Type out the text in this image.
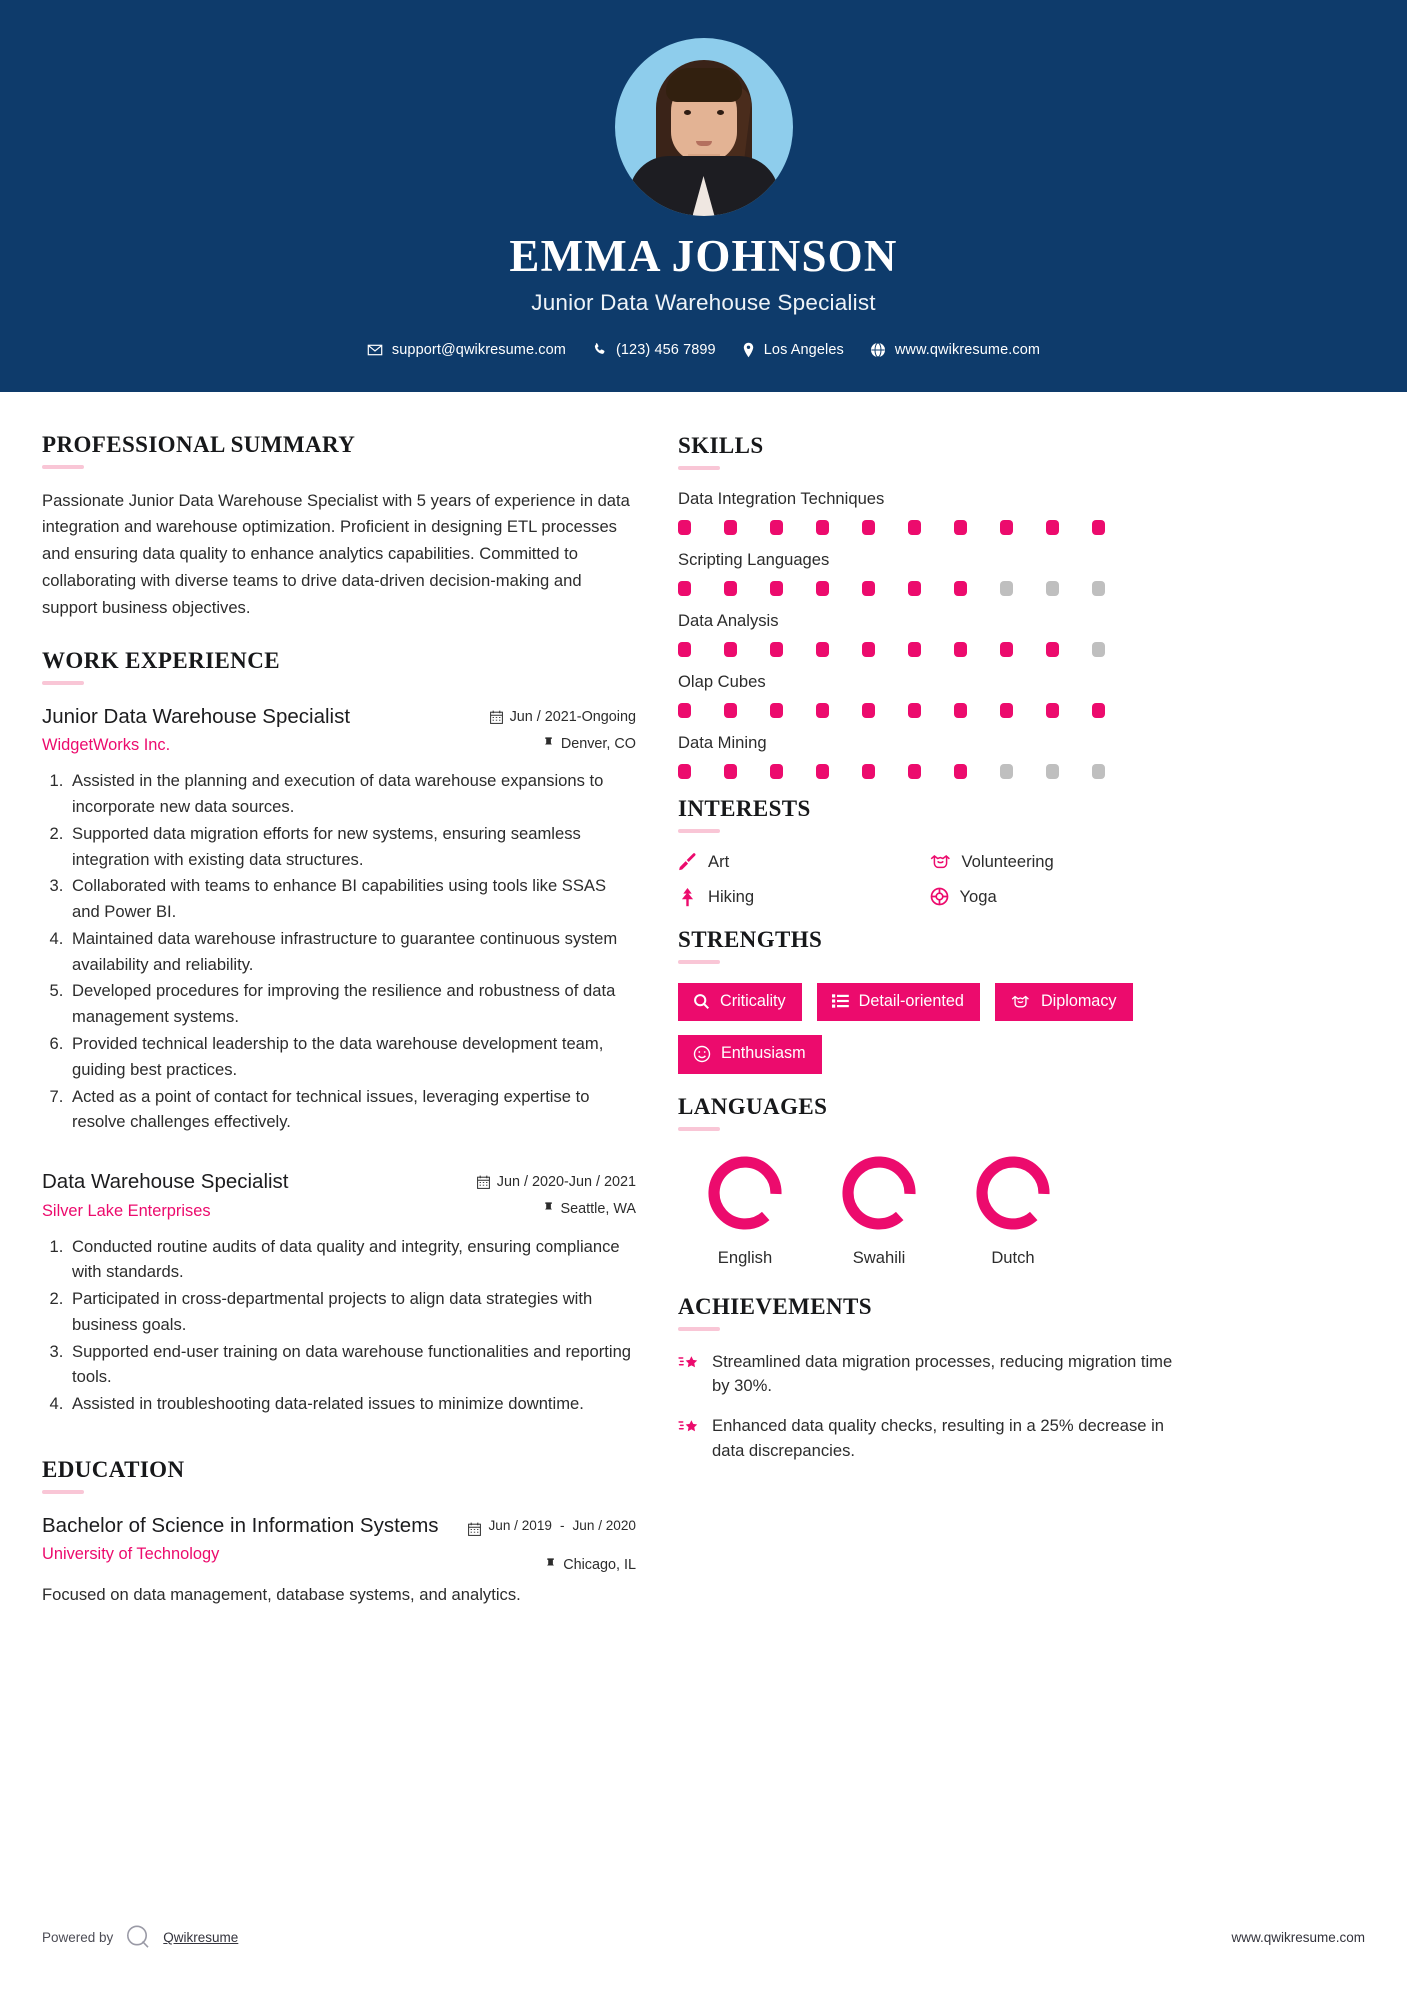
EMMA JOHNSON
Junior Data Warehouse Specialist
support@qwikresume.com	(123) 456 7899	Los Angeles	www.qwikresume.com
PROFESSIONAL SUMMARY
Passionate Junior Data Warehouse Specialist with 5 years of experience in data integration and warehouse optimization. Proficient in designing ETL processes and ensuring data quality to enhance analytics capabilities. Committed to collaborating with diverse teams to drive data-driven decision-making and support business objectives.
WORK EXPERIENCE
Junior Data Warehouse Specialist
WidgetWorks Inc.
Jun / 2021-Ongoing
Denver, CO
1. Assisted in the planning and execution of data warehouse expansions to incorporate new data sources.
2. Supported data migration efforts for new systems, ensuring seamless integration with existing data structures.
3. Collaborated with teams to enhance BI capabilities using tools like SSAS and Power BI.
4. Maintained data warehouse infrastructure to guarantee continuous system availability and reliability.
5. Developed procedures for improving the resilience and robustness of data management systems.
6. Provided technical leadership to the data warehouse development team, guiding best practices.
7. Acted as a point of contact for technical issues, leveraging expertise to resolve challenges effectively.
Data Warehouse Specialist
Silver Lake Enterprises
Jun / 2020-Jun / 2021
Seattle, WA
1. Conducted routine audits of data quality and integrity, ensuring compliance with standards.
2. Participated in cross-departmental projects to align data strategies with business goals.
3. Supported end-user training on data warehouse functionalities and reporting tools.
4. Assisted in troubleshooting data-related issues to minimize downtime.
EDUCATION
Bachelor of Science in Information Systems
University of Technology
Jun / 2019 - Jun / 2020
Chicago, IL
Focused on data management, database systems, and analytics.
SKILLS
Data Integration Techniques
Scripting Languages
Data Analysis
Olap Cubes
Data Mining
INTERESTS
Art	Volunteering
Hiking	Yoga
STRENGTHS
Criticality	Detail-oriented	Diplomacy
Enthusiasm
LANGUAGES
English	Swahili	Dutch
ACHIEVEMENTS
Streamlined data migration processes, reducing migration time by 30%.
Enhanced data quality checks, resulting in a 25% decrease in data discrepancies.
Powered by	Qwikresume	www.qwikresume.com
